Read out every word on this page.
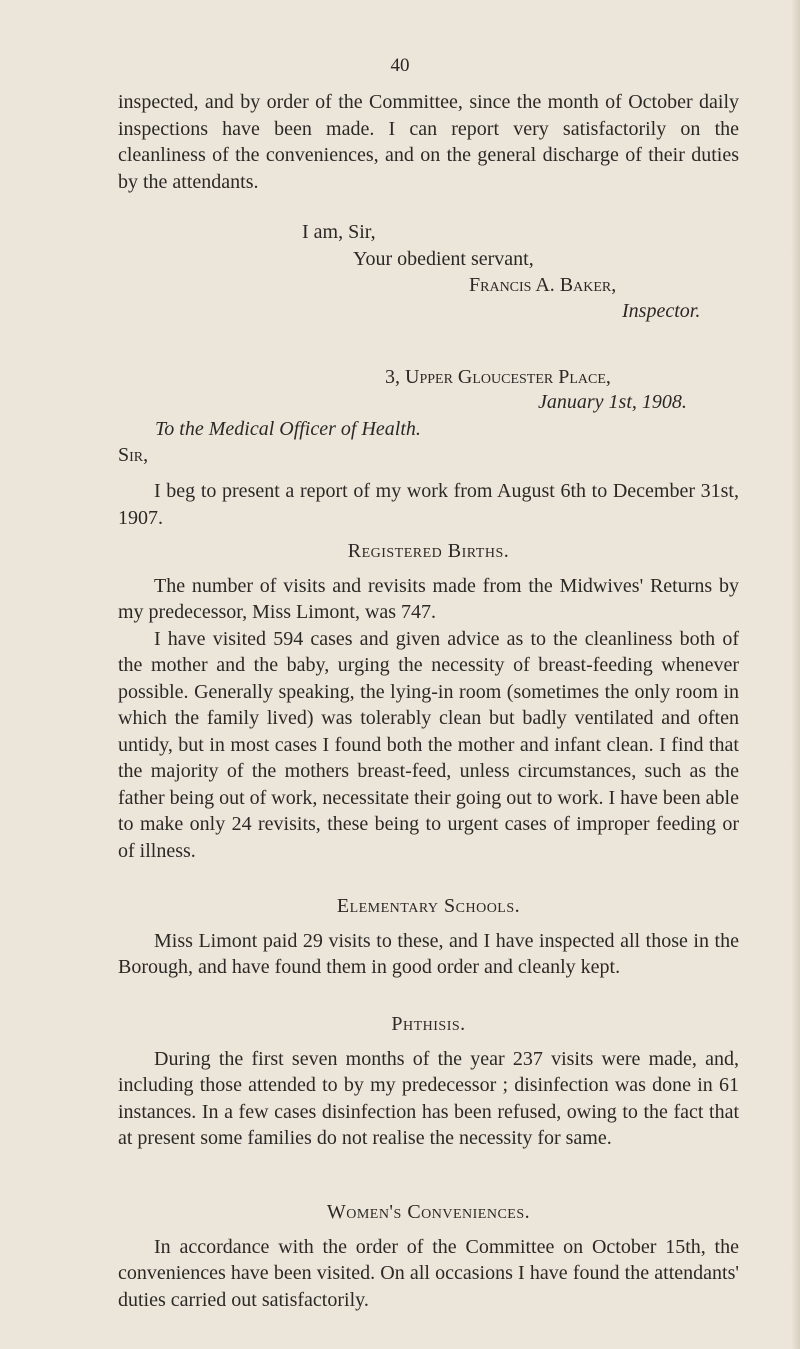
40

inspected, and by order of the Committee, since the month of October daily inspections have been made. I can report very satisfactorily on the cleanliness of the conveniences, and on the general discharge of their duties by the attendants.

I am, Sir,
Your obedient servant,
Francis A. Baker,
Inspector.
3, Upper Gloucester Place,
January 1st, 1908.
To the Medical Officer of Health.
Sir,

I beg to present a report of my work from August 6th to December 31st, 1907.

Registered Births.

The number of visits and revisits made from the Midwives' Returns by my predecessor, Miss Limont, was 747.

I have visited 594 cases and given advice as to the cleanliness both of the mother and the baby, urging the necessity of breast-feeding whenever possible. Generally speaking, the lying-in room (sometimes the only room in which the family lived) was tolerably clean but badly ventilated and often untidy, but in most cases I found both the mother and infant clean. I find that the majority of the mothers breast-feed, unless circumstances, such as the father being out of work, necessitate their going out to work. I have been able to make only 24 revisits, these being to urgent cases of improper feeding or of illness.

Elementary Schools.

Miss Limont paid 29 visits to these, and I have inspected all those in the Borough, and have found them in good order and cleanly kept.

Phthisis.

During the first seven months of the year 237 visits were made, and, including those attended to by my predecessor ; disinfection was done in 61 instances. In a few cases disinfection has been refused, owing to the fact that at present some families do not realise the necessity for same.

Women's Conveniences.

In accordance with the order of the Committee on October 15th, the conveniences have been visited. On all occasions I have found the attendants' duties carried out satisfactorily.
